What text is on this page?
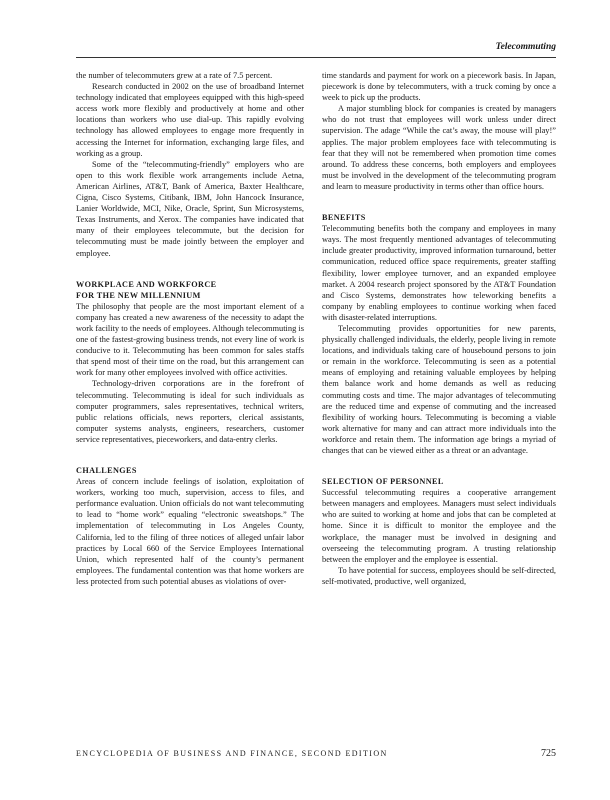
Telecommuting

the number of telecommuters grew at a rate of 7.5 percent.

Research conducted in 2002 on the use of broadband Internet technology indicated that employees equipped with this high-speed access work more flexibly and productively at home and other locations than workers who use dial-up. This rapidly evolving technology has allowed employees to engage more frequently in accessing the Internet for information, exchanging large files, and working as a group.

Some of the “telecommuting-friendly” employers who are open to this work flexible work arrangements include Aetna, American Airlines, AT&T, Bank of America, Baxter Healthcare, Cigna, Cisco Systems, Citibank, IBM, John Hancock Insurance, Lanier Worldwide, MCI, Nike, Oracle, Sprint, Sun Microsystems, Texas Instruments, and Xerox. The companies have indicated that many of their employees telecommute, but the decision for telecommuting must be made jointly between the employer and employee.

WORKPLACE AND WORKFORCE
FOR THE NEW MILLENNIUM

The philosophy that people are the most important element of a company has created a new awareness of the necessity to adapt the work facility to the needs of employees. Although telecommuting is one of the fastest-growing business trends, not every line of work is conducive to it. Telecommuting has been common for sales staffs that spend most of their time on the road, but this arrangement can work for many other employees involved with office activities.

Technology-driven corporations are in the forefront of telecommuting. Telecommuting is ideal for such individuals as computer programmers, sales representatives, technical writers, public relations officials, news reporters, clerical assistants, computer systems analysts, engineers, researchers, customer service representatives, pieceworkers, and data-entry clerks.

CHALLENGES

Areas of concern include feelings of isolation, exploitation of workers, working too much, supervision, access to files, and performance evaluation. Union officials do not want telecommuting to lead to “home work” equaling “electronic sweatshops.” The implementation of telecommuting in Los Angeles County, California, led to the filing of three notices of alleged unfair labor practices by Local 660 of the Service Employees International Union, which represented half of the county’s permanent employees. The fundamental contention was that home workers are less protected from such potential abuses as violations of over-

time standards and payment for work on a piecework basis. In Japan, piecework is done by telecommuters, with a truck coming by once a week to pick up the products.

A major stumbling block for companies is created by managers who do not trust that employees will work unless under direct supervision. The adage “While the cat’s away, the mouse will play!” applies. The major problem employees face with telecommuting is fear that they will not be remembered when promotion time comes around. To address these concerns, both employers and employees must be involved in the development of the telecommuting program and learn to measure productivity in terms other than office hours.

BENEFITS

Telecommuting benefits both the company and employees in many ways. The most frequently mentioned advantages of telecommuting include greater productivity, improved information turnaround, better communication, reduced office space requirements, greater staffing flexibility, lower employee turnover, and an expanded employee market. A 2004 research project sponsored by the AT&T Foundation and Cisco Systems, demonstrates how teleworking benefits a company by enabling employees to continue working when faced with disaster-related interruptions.

Telecommuting provides opportunities for new parents, physically challenged individuals, the elderly, people living in remote locations, and individuals taking care of housebound persons to join or remain in the workforce. Telecommuting is seen as a potential means of employing and retaining valuable employees by helping them balance work and home demands as well as reducing commuting costs and time. The major advantages of telecommuting are the reduced time and expense of commuting and the increased flexibility of working hours. Telecommuting is becoming a viable work alternative for many and can attract more individuals into the workforce and retain them. The information age brings a myriad of changes that can be viewed either as a threat or an advantage.

SELECTION OF PERSONNEL

Successful telecommuting requires a cooperative arrangement between managers and employees. Managers must select individuals who are suited to working at home and jobs that can be completed at home. Since it is difficult to monitor the employee and the workplace, the manager must be involved in designing and overseeing the telecommuting program. A trusting relationship between the employer and the employee is essential.

To have potential for success, employees should be self-directed, self-motivated, productive, well organized,

ENCYCLOPEDIA OF BUSINESS AND FINANCE, SECOND EDITION	725
